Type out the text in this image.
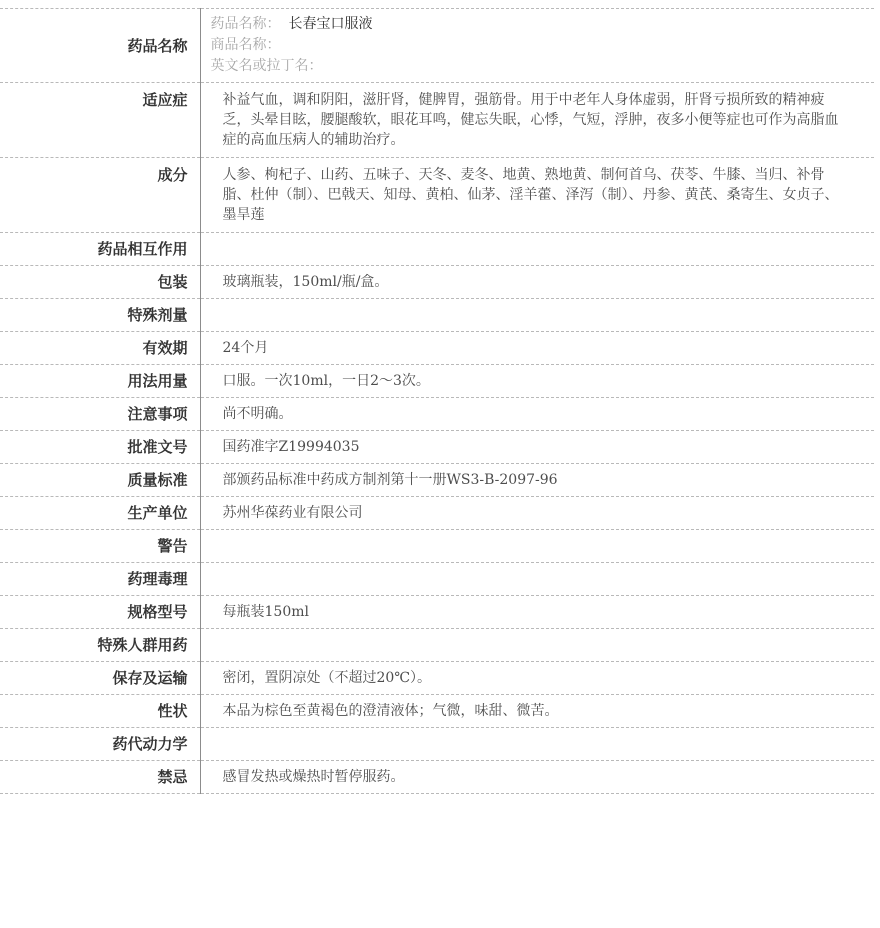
药品名称	药品名称： 长春宝口服液
商品名称：
英文名或拉丁名：

适应症	补益气血，调和阴阳，滋肝肾，健脾胃，强筋骨。用于中老年人身体虚弱，肝肾亏损所致的精神疲乏，头晕目眩，腰腿酸软，眼花耳鸣，健忘失眠，心悸，气短，浮肿，夜多小便等症也可作为高脂血症的高血压病人的辅助治疗。
成分	人参、枸杞子、山药、五味子、天冬、麦冬、地黄、熟地黄、制何首乌、茯苓、牛膝、当归、补骨脂、杜仲（制）、巴戟天、知母、黄柏、仙茅、淫羊藿、泽泻（制）、丹参、黄芪、桑寄生、女贞子、墨旱莲
药品相互作用	
包装	玻璃瓶装，150ml/瓶/盒。
特殊剂量	
有效期	24个月
用法用量	口服。一次10ml，一日2～3次。
注意事项	尚不明确。
批准文号	国药准字Z19994035
质量标准	部颁药品标准中药成方制剂第十一册WS3-B-2097-96
生产单位	苏州华葆药业有限公司
警告	
药理毒理	
规格型号	每瓶装150ml
特殊人群用药	
保存及运输	密闭，置阴凉处（不超过20℃）。
性状	本品为棕色至黄褐色的澄清液体；气微，味甜、微苦。
药代动力学	
禁忌	感冒发热或燥热时暂停服药。
